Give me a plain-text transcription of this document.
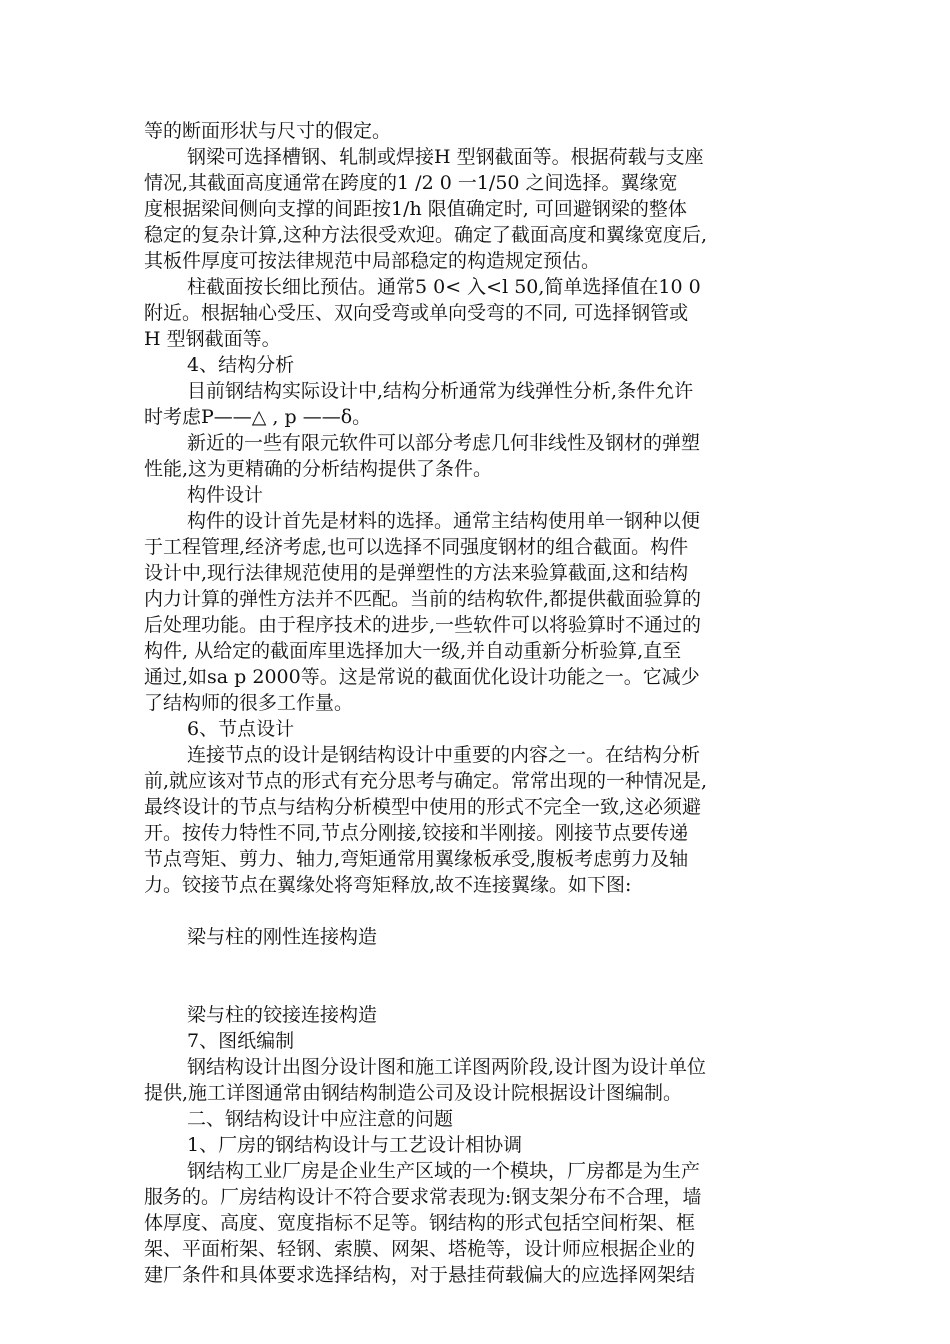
等的断面形状与尺寸的假定。
钢梁可选择槽钢、轧制或焊接H 型钢截面等。根据荷载与支座
情况,其截面高度通常在跨度的1 /2 0 一1/50 之间选择。翼缘宽
度根据梁间侧向支撑的间距按1/h 限值确定时, 可回避钢梁的整体
稳定的复杂计算,这种方法很受欢迎。确定了截面高度和翼缘宽度后,
其板件厚度可按法律规范中局部稳定的构造规定预估。
柱截面按长细比预估。通常5 0< 入<l 50,简单选择值在10 0
附近。根据轴心受压、双向受弯或单向受弯的不同, 可选择钢管或
H 型钢截面等。
4、结构分析
目前钢结构实际设计中,结构分析通常为线弹性分析,条件允许
时考虑P——△ , p ——δ。
新近的一些有限元软件可以部分考虑几何非线性及钢材的弹塑
性能,这为更精确的分析结构提供了条件。
构件设计
构件的设计首先是材料的选择。通常主结构使用单一钢种以便
于工程管理,经济考虑,也可以选择不同强度钢材的组合截面。构件
设计中,现行法律规范使用的是弹塑性的方法来验算截面,这和结构
内力计算的弹性方法并不匹配。当前的结构软件,都提供截面验算的
后处理功能。由于程序技术的进步,一些软件可以将验算时不通过的
构件, 从给定的截面库里选择加大一级,并自动重新分析验算,直至
通过,如sa p 2000等。这是常说的截面优化设计功能之一。它减少
了结构师的很多工作量。
6、节点设计
连接节点的设计是钢结构设计中重要的内容之一。在结构分析
前,就应该对节点的形式有充分思考与确定。常常出现的一种情况是,
最终设计的节点与结构分析模型中使用的形式不完全一致,这必须避
开。按传力特性不同,节点分刚接,铰接和半刚接。刚接节点要传递
节点弯矩、剪力、轴力,弯矩通常用翼缘板承受,腹板考虑剪力及轴
力。铰接节点在翼缘处将弯矩释放,故不连接翼缘。如下图:
梁与柱的刚性连接构造
梁与柱的铰接连接构造
7、图纸编制
钢结构设计出图分设计图和施工详图两阶段,设计图为设计单位
提供,施工详图通常由钢结构制造公司及设计院根据设计图编制。
二、钢结构设计中应注意的问题
1、厂房的钢结构设计与工艺设计相协调
钢结构工业厂房是企业生产区域的一个模块，厂房都是为生产
服务的。厂房结构设计不符合要求常表现为:钢支架分布不合理，墙
体厚度、高度、宽度指标不足等。钢结构的形式包括空间桁架、框
架、平面桁架、轻钢、索膜、网架、塔桅等，设计师应根据企业的
建厂条件和具体要求选择结构，对于悬挂荷载偏大的应选择网架结
